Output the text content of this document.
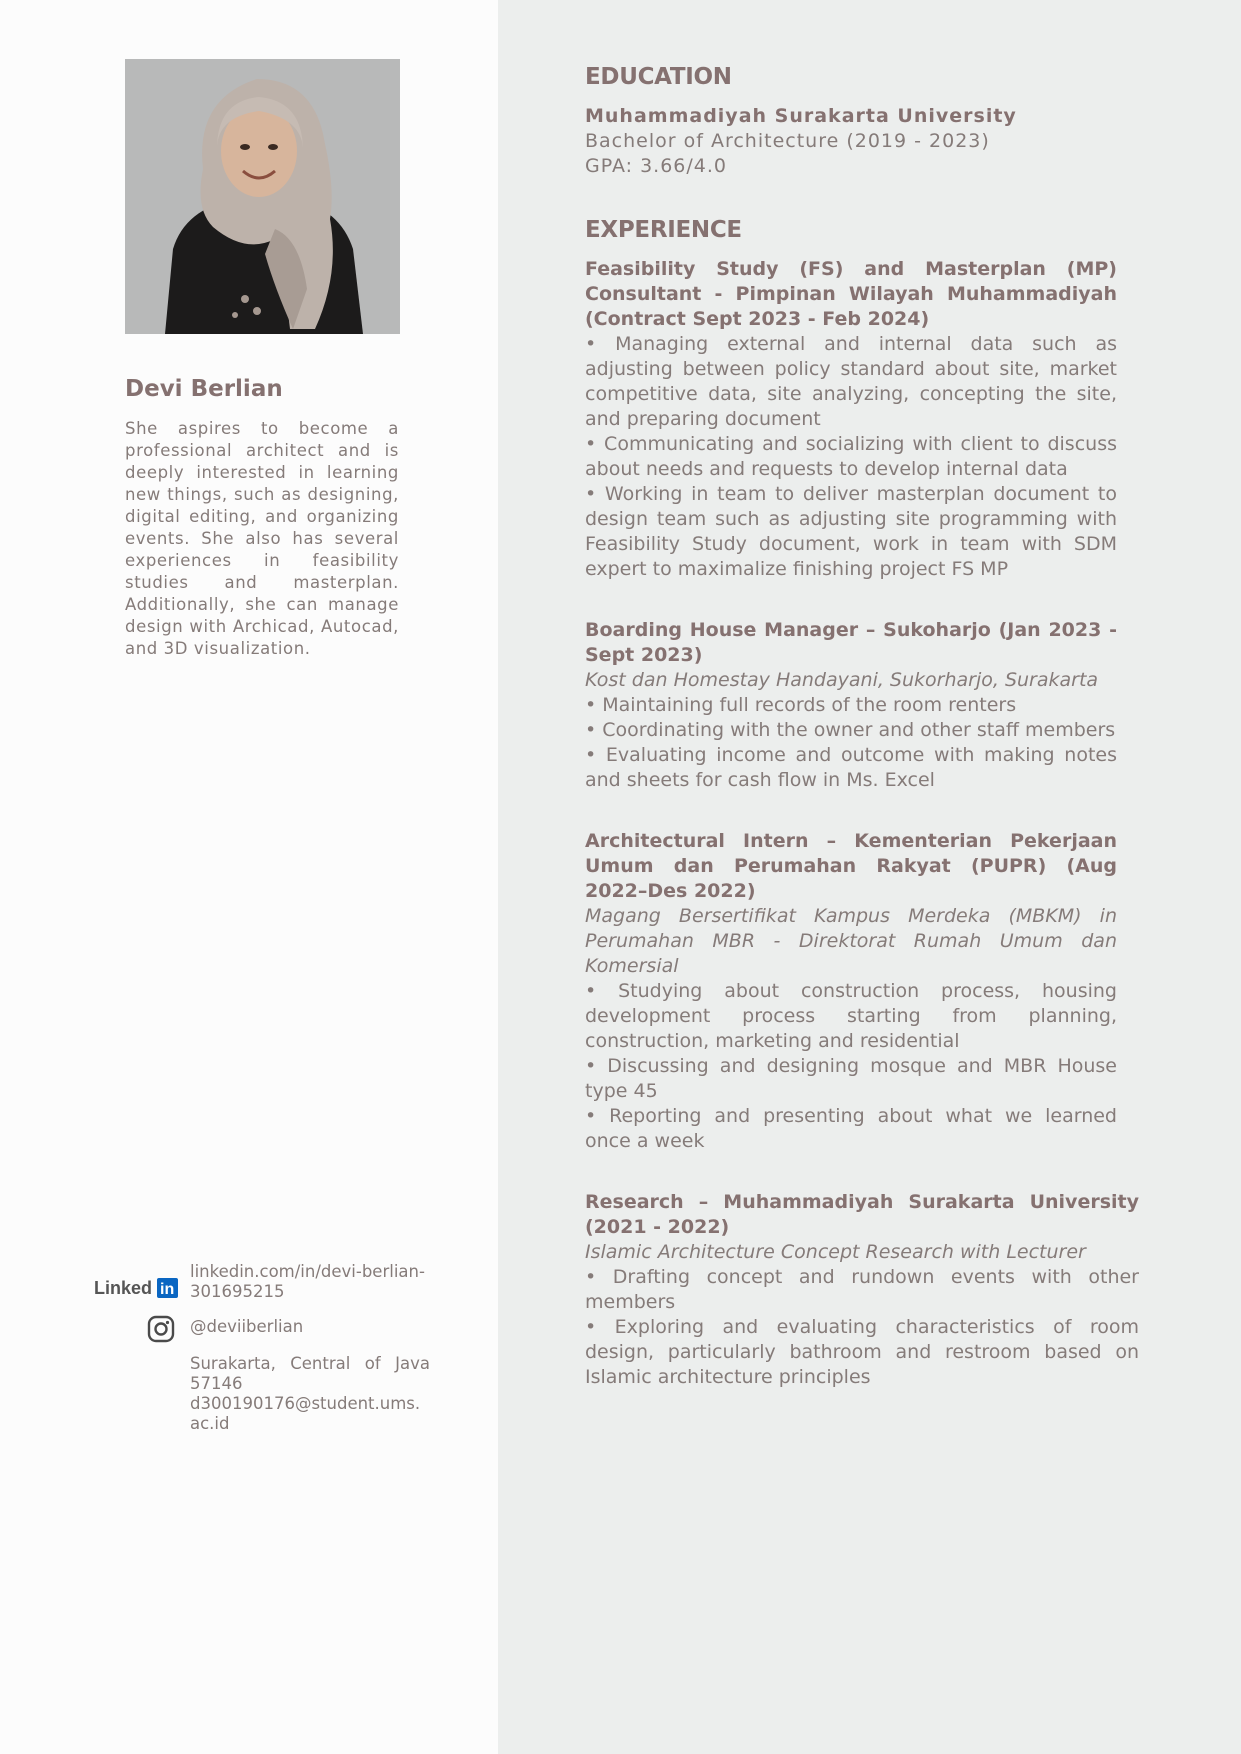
Devi Berlian

She aspires to become a professional architect and is deeply interested in learning new things, such as designing, digital editing, and organizing events. She also has several experiences in feasibility studies and masterplan. Additionally, she can manage design with Archicad, Autocad, and 3D visualization.

Linked in

linkedin.com/in/devi-berlian-301695215

@deviiberlian

Surakarta, Central of Java 57146

d300190176@student.ums.ac.id

EDUCATION

Muhammadiyah Surakarta University

Bachelor of Architecture (2019 - 2023)

GPA: 3.66/4.0

EXPERIENCE

Feasibility Study (FS) and Masterplan (MP) Consultant - Pimpinan Wilayah Muhammadiyah (Contract Sept 2023 - Feb 2024)

• Managing external and internal data such as adjusting between policy standard about site, market competitive data, site analyzing, concepting the site, and preparing document

• Communicating and socializing with client to discuss about needs and requests to develop internal data

• Working in team to deliver masterplan document to design team such as adjusting site programming with Feasibility Study document, work in team with SDM expert to maximalize finishing project FS MP

Boarding House Manager – Sukoharjo (Jan 2023 - Sept 2023)

Kost dan Homestay Handayani, Sukorharjo, Surakarta

• Maintaining full records of the room renters

• Coordinating with the owner and other staff members

• Evaluating income and outcome with making notes and sheets for cash flow in Ms. Excel

Architectural Intern – Kementerian Pekerjaan Umum dan Perumahan Rakyat (PUPR) (Aug 2022–Des 2022)

Magang Bersertifikat Kampus Merdeka (MBKM) in Perumahan MBR - Direktorat Rumah Umum dan Komersial

• Studying about construction process, housing development process starting from planning, construction, marketing and residential

• Discussing and designing mosque and MBR House type 45

• Reporting and presenting about what we learned once a week

Research – Muhammadiyah Surakarta University (2021 - 2022)

Islamic Architecture Concept Research with Lecturer

• Drafting concept and rundown events with other members

• Exploring and evaluating characteristics of room design, particularly bathroom and restroom based on Islamic architecture principles
